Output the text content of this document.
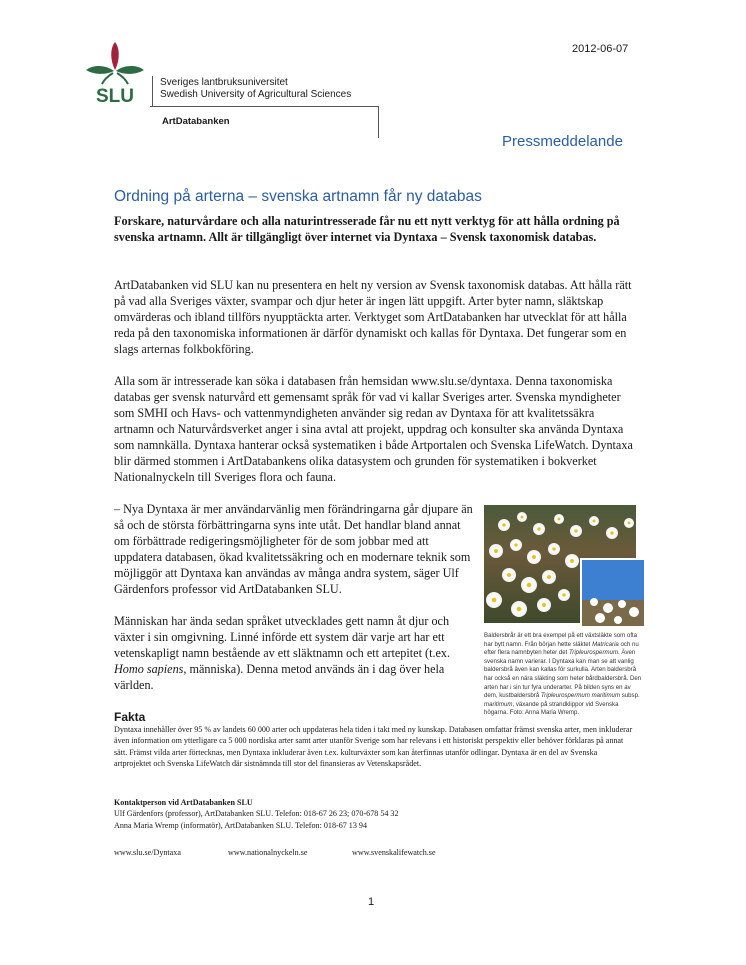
2012-06-07
SLU
Sveriges lantbruksuniversitet
Swedish University of Agricultural Sciences
ArtDatabanken
Pressmeddelande
Ordning på arterna – svenska artnamn får ny databas

Forskare, naturvårdare och alla naturintresserade får nu ett nytt verktyg för att hålla ordning på svenska artnamn. Allt är tillgängligt över internet via Dyntaxa – Svensk taxonomisk databas.

ArtDatabanken vid SLU kan nu presentera en helt ny version av Svensk taxonomisk databas. Att hålla rätt på vad alla Sveriges växter, svampar och djur heter är ingen lätt uppgift. Arter byter namn, släktskap omvärderas och ibland tillförs nyupptäckta arter. Verktyget som ArtDatabanken har utvecklat för att hålla reda på den taxonomiska informationen är därför dynamiskt och kallas för Dyntaxa. Det fungerar som en slags arternas folkbokföring.

Alla som är intresserade kan söka i databasen från hemsidan www.slu.se/dyntaxa. Denna taxonomiska databas ger svensk naturvård ett gemensamt språk för vad vi kallar Sveriges arter. Svenska myndigheter som SMHI och Havs- och vattenmyndigheten använder sig redan av Dyntaxa för att kvalitetssäkra artnamn och Naturvårdsverket anger i sina avtal att projekt, uppdrag och konsulter ska använda Dyntaxa som namnkälla. Dyntaxa hanterar också systematiken i både Artportalen och Svenska LifeWatch. Dyntaxa blir därmed stommen i ArtDatabankens olika datasystem och grunden för systematiken i bokverket Nationalnyckeln till Sveriges flora och fauna.

– Nya Dyntaxa är mer användarvänlig men förändringarna går djupare än så och de största förbättringarna syns inte utåt. Det handlar bland annat om förbättrade redigeringsmöjligheter för de som jobbar med att uppdatera databasen, ökad kvalitetssäkring och en modernare teknik som möjliggör att Dyntaxa kan användas av många andra system, säger Ulf Gärdenfors professor vid ArtDatabanken SLU.

Människan har ända sedan språket utvecklades gett namn åt djur och växter i sin omgivning. Linné införde ett system där varje art har ett vetenskapligt namn bestående av ett släktnamn och ett artepitet (t.ex. Homo sapiens, människa). Denna metod används än i dag över hela världen.

Baldersbrår är ett bra exempel på ett växtsläkte som ofta har bytt namn. Från början hette släktet Matricaria och nu efter flera namnbyten heter det Tripleurospermum. Även svenska namn varierar. I Dyntaxa kan man se att vanlig baldersbrå även kan kallas för surkulla. Arten baldersbrå har också en nära släkting som heter bårdbaldersbrå. Den arten har i sin tur fyra underarter. På bilden syns en av dem, kustbaldersbrå Tripleurospermum maritimum subsp. maritimum, växande på strandklippor vid Svenska högarna. Foto: Anna Maria Wremp.
Fakta
Dyntaxa innehåller över 95 % av landets 60 000 arter och uppdateras hela tiden i takt med ny kunskap. Databasen omfattar främst svenska arter, men inkluderar även information om ytterligare ca 5 000 nordiska arter samt arter utanför Sverige som har relevans i ett historiskt perspektiv eller behöver förklaras på annat sätt. Främst vilda arter förtecknas, men Dyntaxa inkluderar även t.ex. kulturväxter som kan återfinnas utanför odlingar. Dyntaxa är en del av Svenska artprojektet och Svenska LifeWatch där sistnämnda till stor del finansieras av Vetenskapsrådet.
Kontaktperson vid ArtDatabanken SLU
Ulf Gärdenfors (professor), ArtDatabanken SLU. Telefon: 018-67 26 23; 070-678 54 32
Anna Maria Wremp (informatör), ArtDatabanken SLU. Telefon: 018-67 13 94
www.slu.se/Dyntaxa	www.nationalnyckeln.se	www.svenskalifewatch.se
1
